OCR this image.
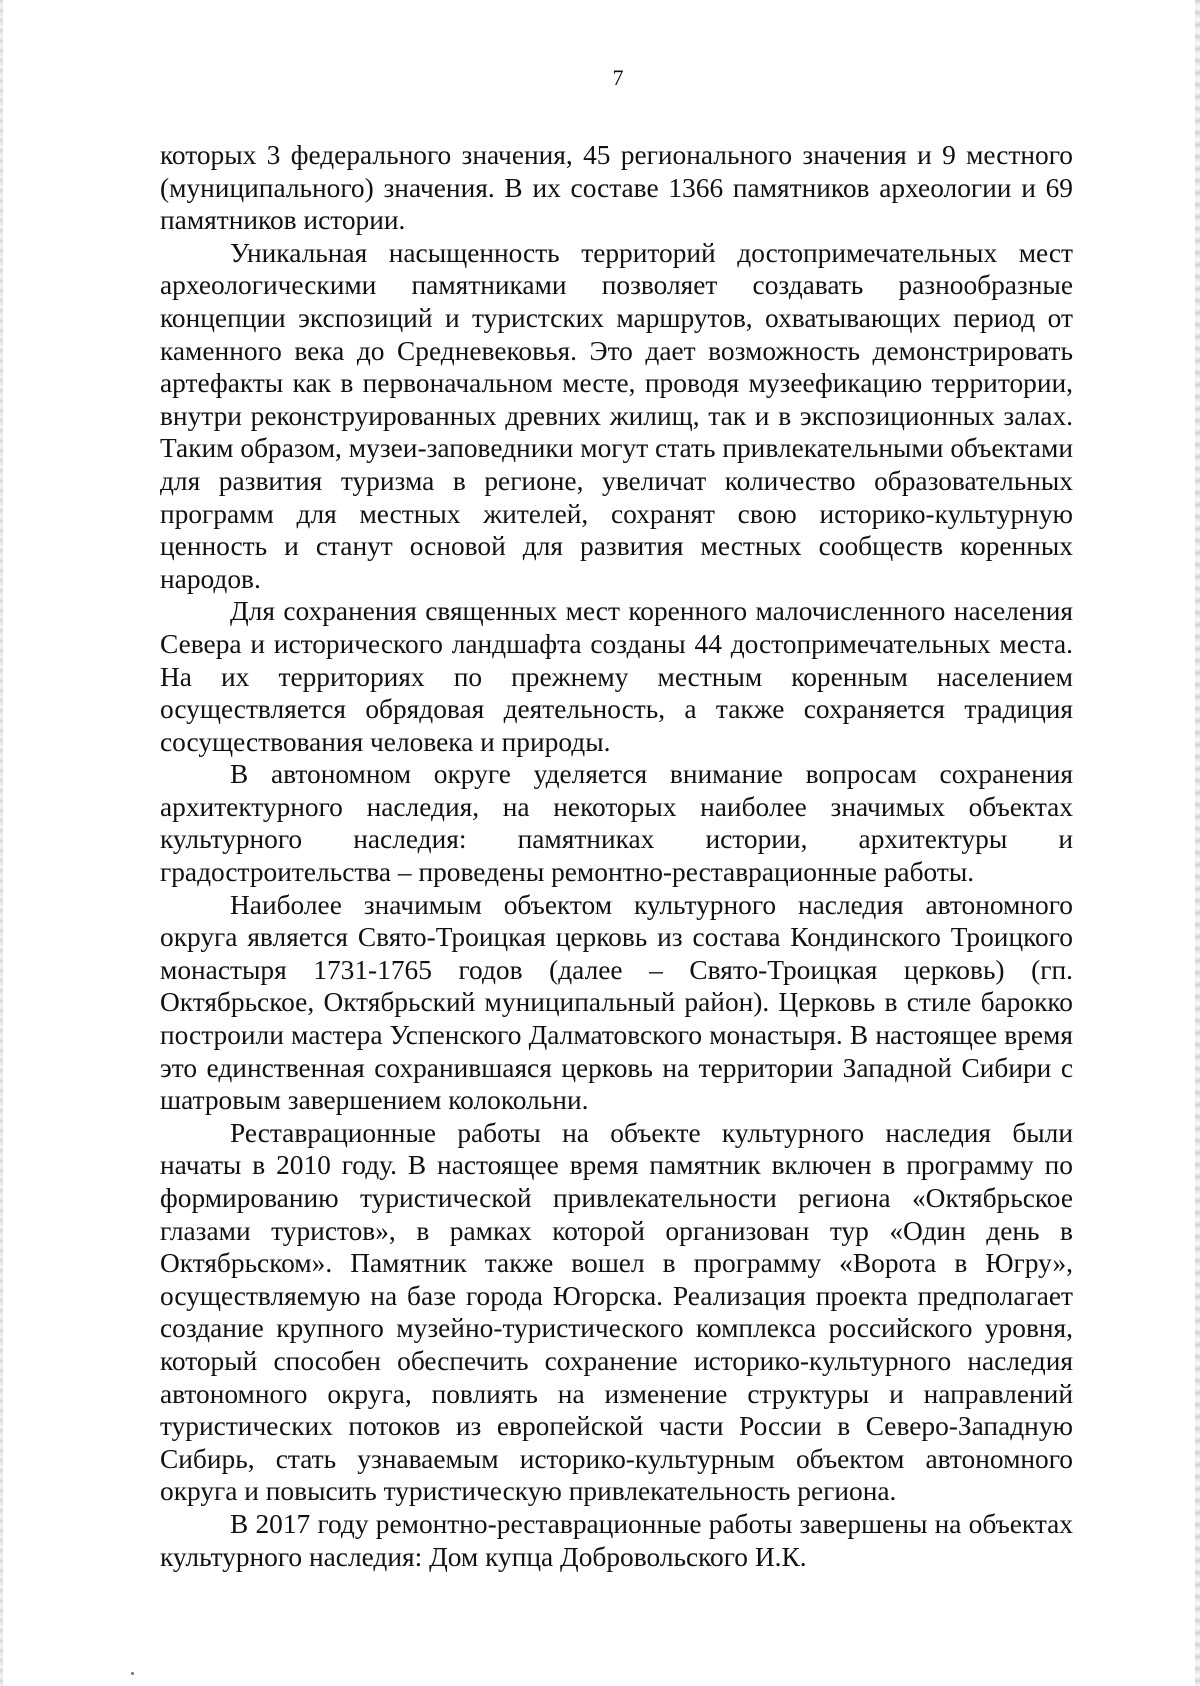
7

которых 3 федерального значения, 45 регионального значения и 9 местного (муниципального) значения. В их составе 1366 памятников археологии и 69 памятников истории.

Уникальная насыщенность территорий достопримечательных мест археологическими памятниками позволяет создавать разнообразные концепции экспозиций и туристских маршрутов, охватывающих период от каменного века до Средневековья. Это дает возможность демонстрировать артефакты как в первоначальном месте, проводя музеефикацию территории, внутри реконструированных древних жилищ, так и в экспозиционных залах. Таким образом, музеи-заповедники могут стать привлекательными объектами для развития туризма в регионе, увеличат количество образовательных программ для местных жителей, сохранят свою историко-культурную ценность и станут основой для развития местных сообществ коренных народов.

Для сохранения священных мест коренного малочисленного населения Севера и исторического ландшафта созданы 44 достопримечательных места. На их территориях по прежнему местным коренным населением осуществляется обрядовая деятельность, а также сохраняется традиция сосуществования человека и природы.

В автономном округе уделяется внимание вопросам сохранения архитектурного наследия, на некоторых наиболее значимых объектах культурного наследия: памятниках истории, архитектуры и градостроительства – проведены ремонтно-реставрационные работы.

Наиболее значимым объектом культурного наследия автономного округа является Свято-Троицкая церковь из состава Кондинского Троицкого монастыря 1731-1765 годов (далее – Свято-Троицкая церковь) (гп. Октябрьское, Октябрьский муниципальный район). Церковь в стиле барокко построили мастера Успенского Далматовского монастыря. В настоящее время это единственная сохранившаяся церковь на территории Западной Сибири с шатровым завершением колокольни.

Реставрационные работы на объекте культурного наследия были начаты в 2010 году. В настоящее время памятник включен в программу по формированию туристической привлекательности региона «Октябрьское глазами туристов», в рамках которой организован тур «Один день в Октябрьском». Памятник также вошел в программу «Ворота в Югру», осуществляемую на базе города Югорска. Реализация проекта предполагает создание крупного музейно-туристического комплекса российского уровня, который способен обеспечить сохранение историко-культурного наследия автономного округа, повлиять на изменение структуры и направлений туристических потоков из европейской части России в Северо-Западную Сибирь, стать узнаваемым историко-культурным объектом автономного округа и повысить туристическую привлекательность региона.

В 2017 году ремонтно-реставрационные работы завершены на объектах культурного наследия: Дом купца Добровольского И.К.
